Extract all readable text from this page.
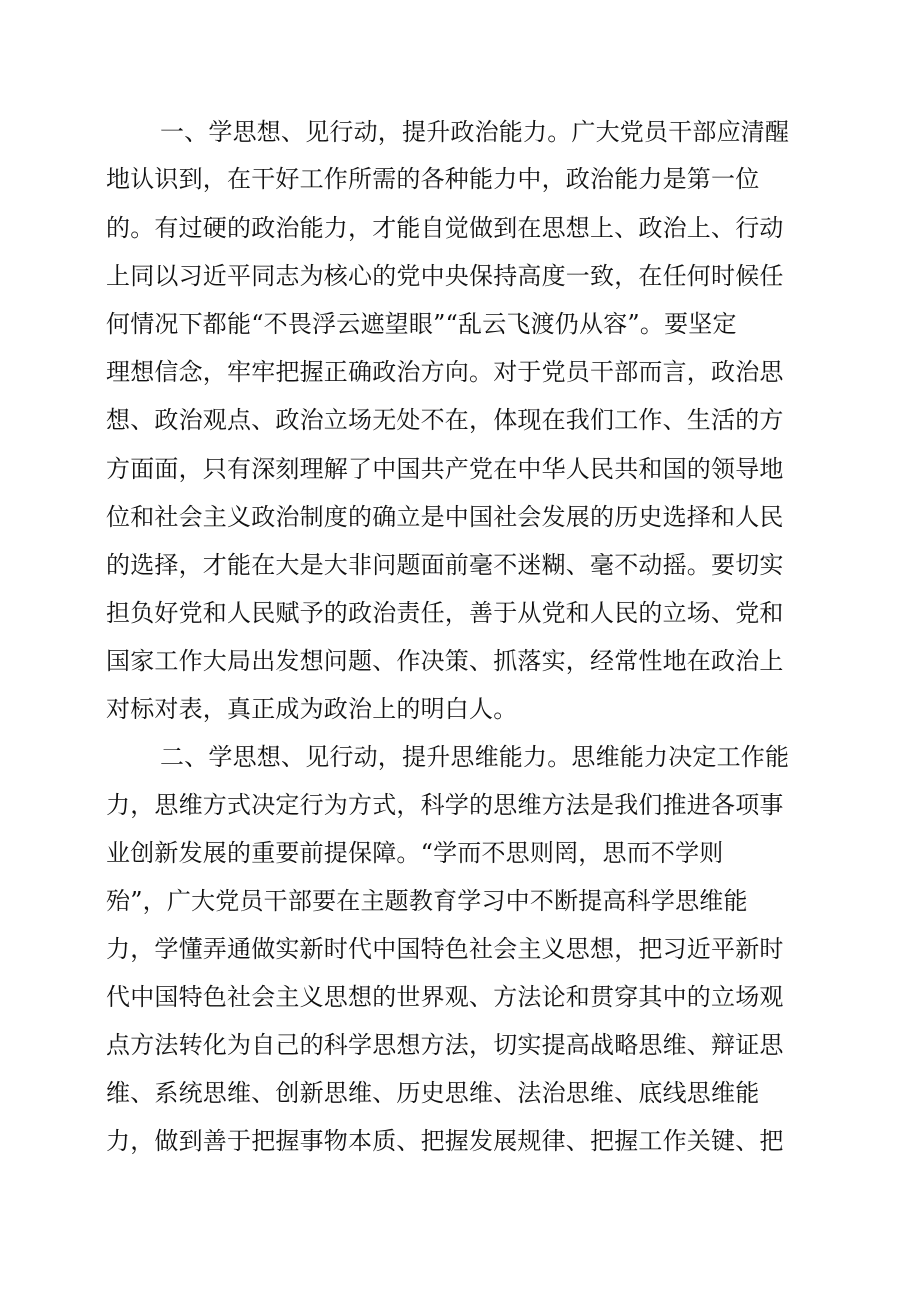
一、学思想、见行动，提升政治能力。广大党员干部应清醒
地认识到，在干好工作所需的各种能力中，政治能力是第一位
的。有过硬的政治能力，才能自觉做到在思想上、政治上、行动
上同以习近平同志为核心的党中央保持高度一致，在任何时候任
何情况下都能“不畏浮云遮望眼”“乱云飞渡仍从容”。要坚定
理想信念，牢牢把握正确政治方向。对于党员干部而言，政治思
想、政治观点、政治立场无处不在，体现在我们工作、生活的方
方面面，只有深刻理解了中国共产党在中华人民共和国的领导地
位和社会主义政治制度的确立是中国社会发展的历史选择和人民
的选择，才能在大是大非问题面前毫不迷糊、毫不动摇。要切实
担负好党和人民赋予的政治责任，善于从党和人民的立场、党和
国家工作大局出发想问题、作决策、抓落实，经常性地在政治上
对标对表，真正成为政治上的明白人。
二、学思想、见行动，提升思维能力。思维能力决定工作能
力，思维方式决定行为方式，科学的思维方法是我们推进各项事
业创新发展的重要前提保障。“学而不思则罔，思而不学则
殆”，广大党员干部要在主题教育学习中不断提高科学思维能
力，学懂弄通做实新时代中国特色社会主义思想，把习近平新时
代中国特色社会主义思想的世界观、方法论和贯穿其中的立场观
点方法转化为自己的科学思想方法，切实提高战略思维、辩证思
维、系统思维、创新思维、历史思维、法治思维、底线思维能
力，做到善于把握事物本质、把握发展规律、把握工作关键、把
